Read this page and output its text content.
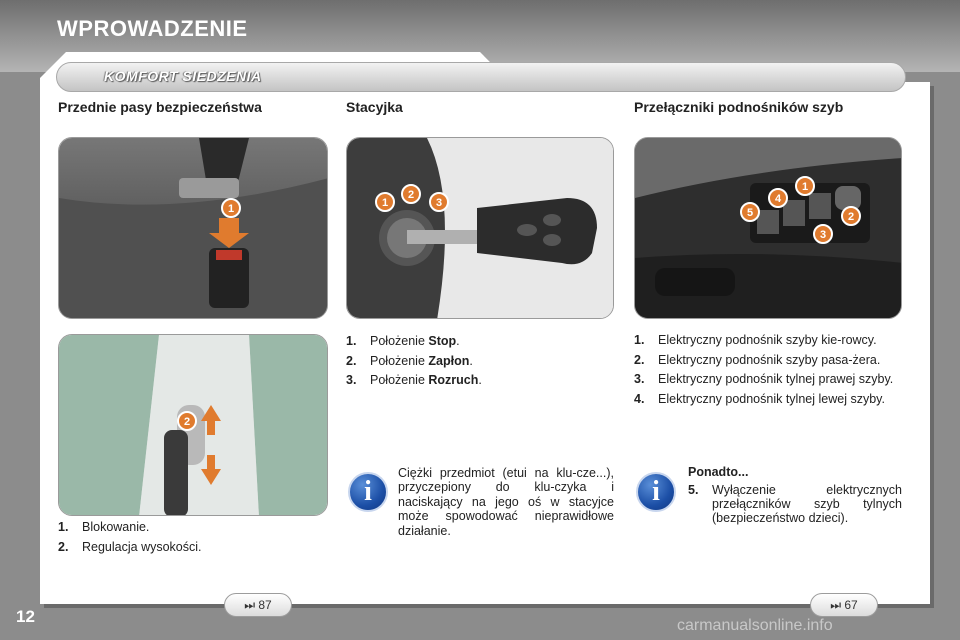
WPROWADZENIE
KOMFORT SIEDZENIA
Przednie pasy bezpieczeństwa	Stacyjka	Przełączniki podnośników szyb
1
2
1
2
3
1
2
3
4
5
1.	Blokowanie.
2.	Regulacja wysokości.
1.	Położenie Stop.
2.	Położenie Zapłon.
3.	Położenie Rozruch.
i
Ciężki przedmiot (etui na klu-cze...), przyczepiony do klu-czyka i naciskający na jego oś w stacyjce może spowodować nieprawidłowe działanie.
1.	Elektryczny podnośnik szyby kie-rowcy.
2.	Elektryczny podnośnik szyby pasa-żera.
3.	Elektryczny podnośnik tylnej prawej szyby.
4.	Elektryczny podnośnik tylnej lewej szyby.
i
Ponadto...
5.	Wyłączenie elektrycznych przełączników szyb tylnych (bezpieczeństwo dzieci).
⏭ 87	⏭ 67
12	carmanualsonline.info
